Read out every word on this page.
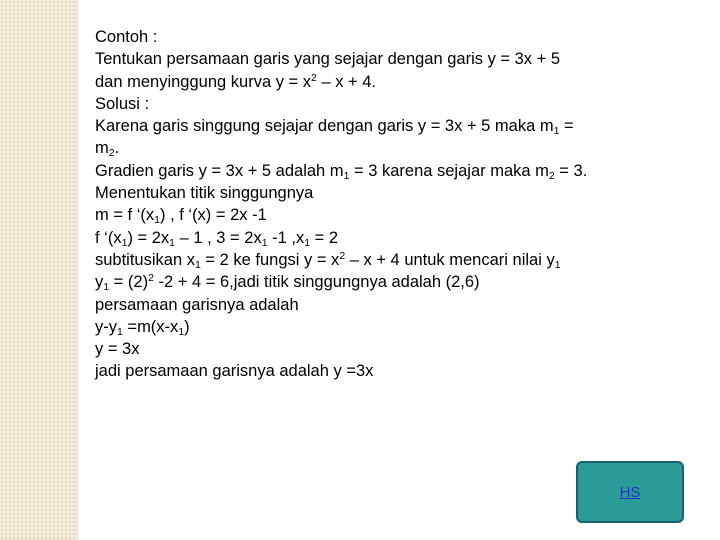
Contoh :
Tentukan persamaan garis yang sejajar dengan garis y = 3x + 5
dan menyinggung kurva $y = x^2 - x + 4$.
Solusi :
Karena garis singgung sejajar dengan garis y = 3x + 5 maka $m_1$ =
$m_2$.
Gradien garis y = 3x + 5 adalah $m_1 = 3$ karena sejajar maka $m_2 = 3$.
Menentukan titik singgungnya
m = f ‘$(x_1)$ , f ‘(x) = 2x -1
f ‘$(x_1) = 2x_1 - 1$ , $3 = 2x_1$ -1 $,x_1 = 2$
subtitusikan $x_1 = 2$ ke fungsi $y = x^2 - x + 4$ untuk mencari nilai $y_1$
$y_1 = (2)^2$ -2 + 4 = 6,jadi titik singgungnya adalah (2,6)
persamaan garisnya adalah
$y-y_1 =m(x-x_1)$
y = 3x
jadi persamaan garisnya adalah y =3x
HS
